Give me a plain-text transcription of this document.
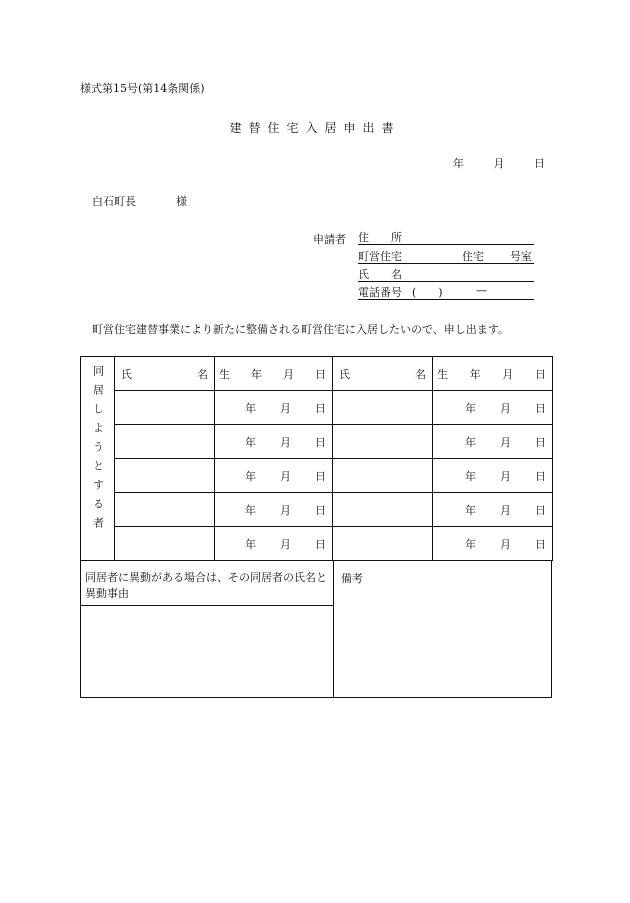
様式第15号(第14条関係)
建替住宅入居申出書
年	月	日
白石町長	様
申請者 住　　所
町営住宅	住宅 号室
氏　　名
電話番号 (　　)	—
町営住宅建替事業により新たに整備される町営住宅に入居したいので、申し出ます。
同居しようとする者	氏 名	生 年 月 日	氏 名	生 年 月 日

		年 月 日		年 月 日

		年 月 日		年 月 日

		年 月 日		年 月 日

		年 月 日		年 月 日

		年 月 日		年 月 日
同居者に異動がある場合は、その同居者の氏名と異動事由
備考
